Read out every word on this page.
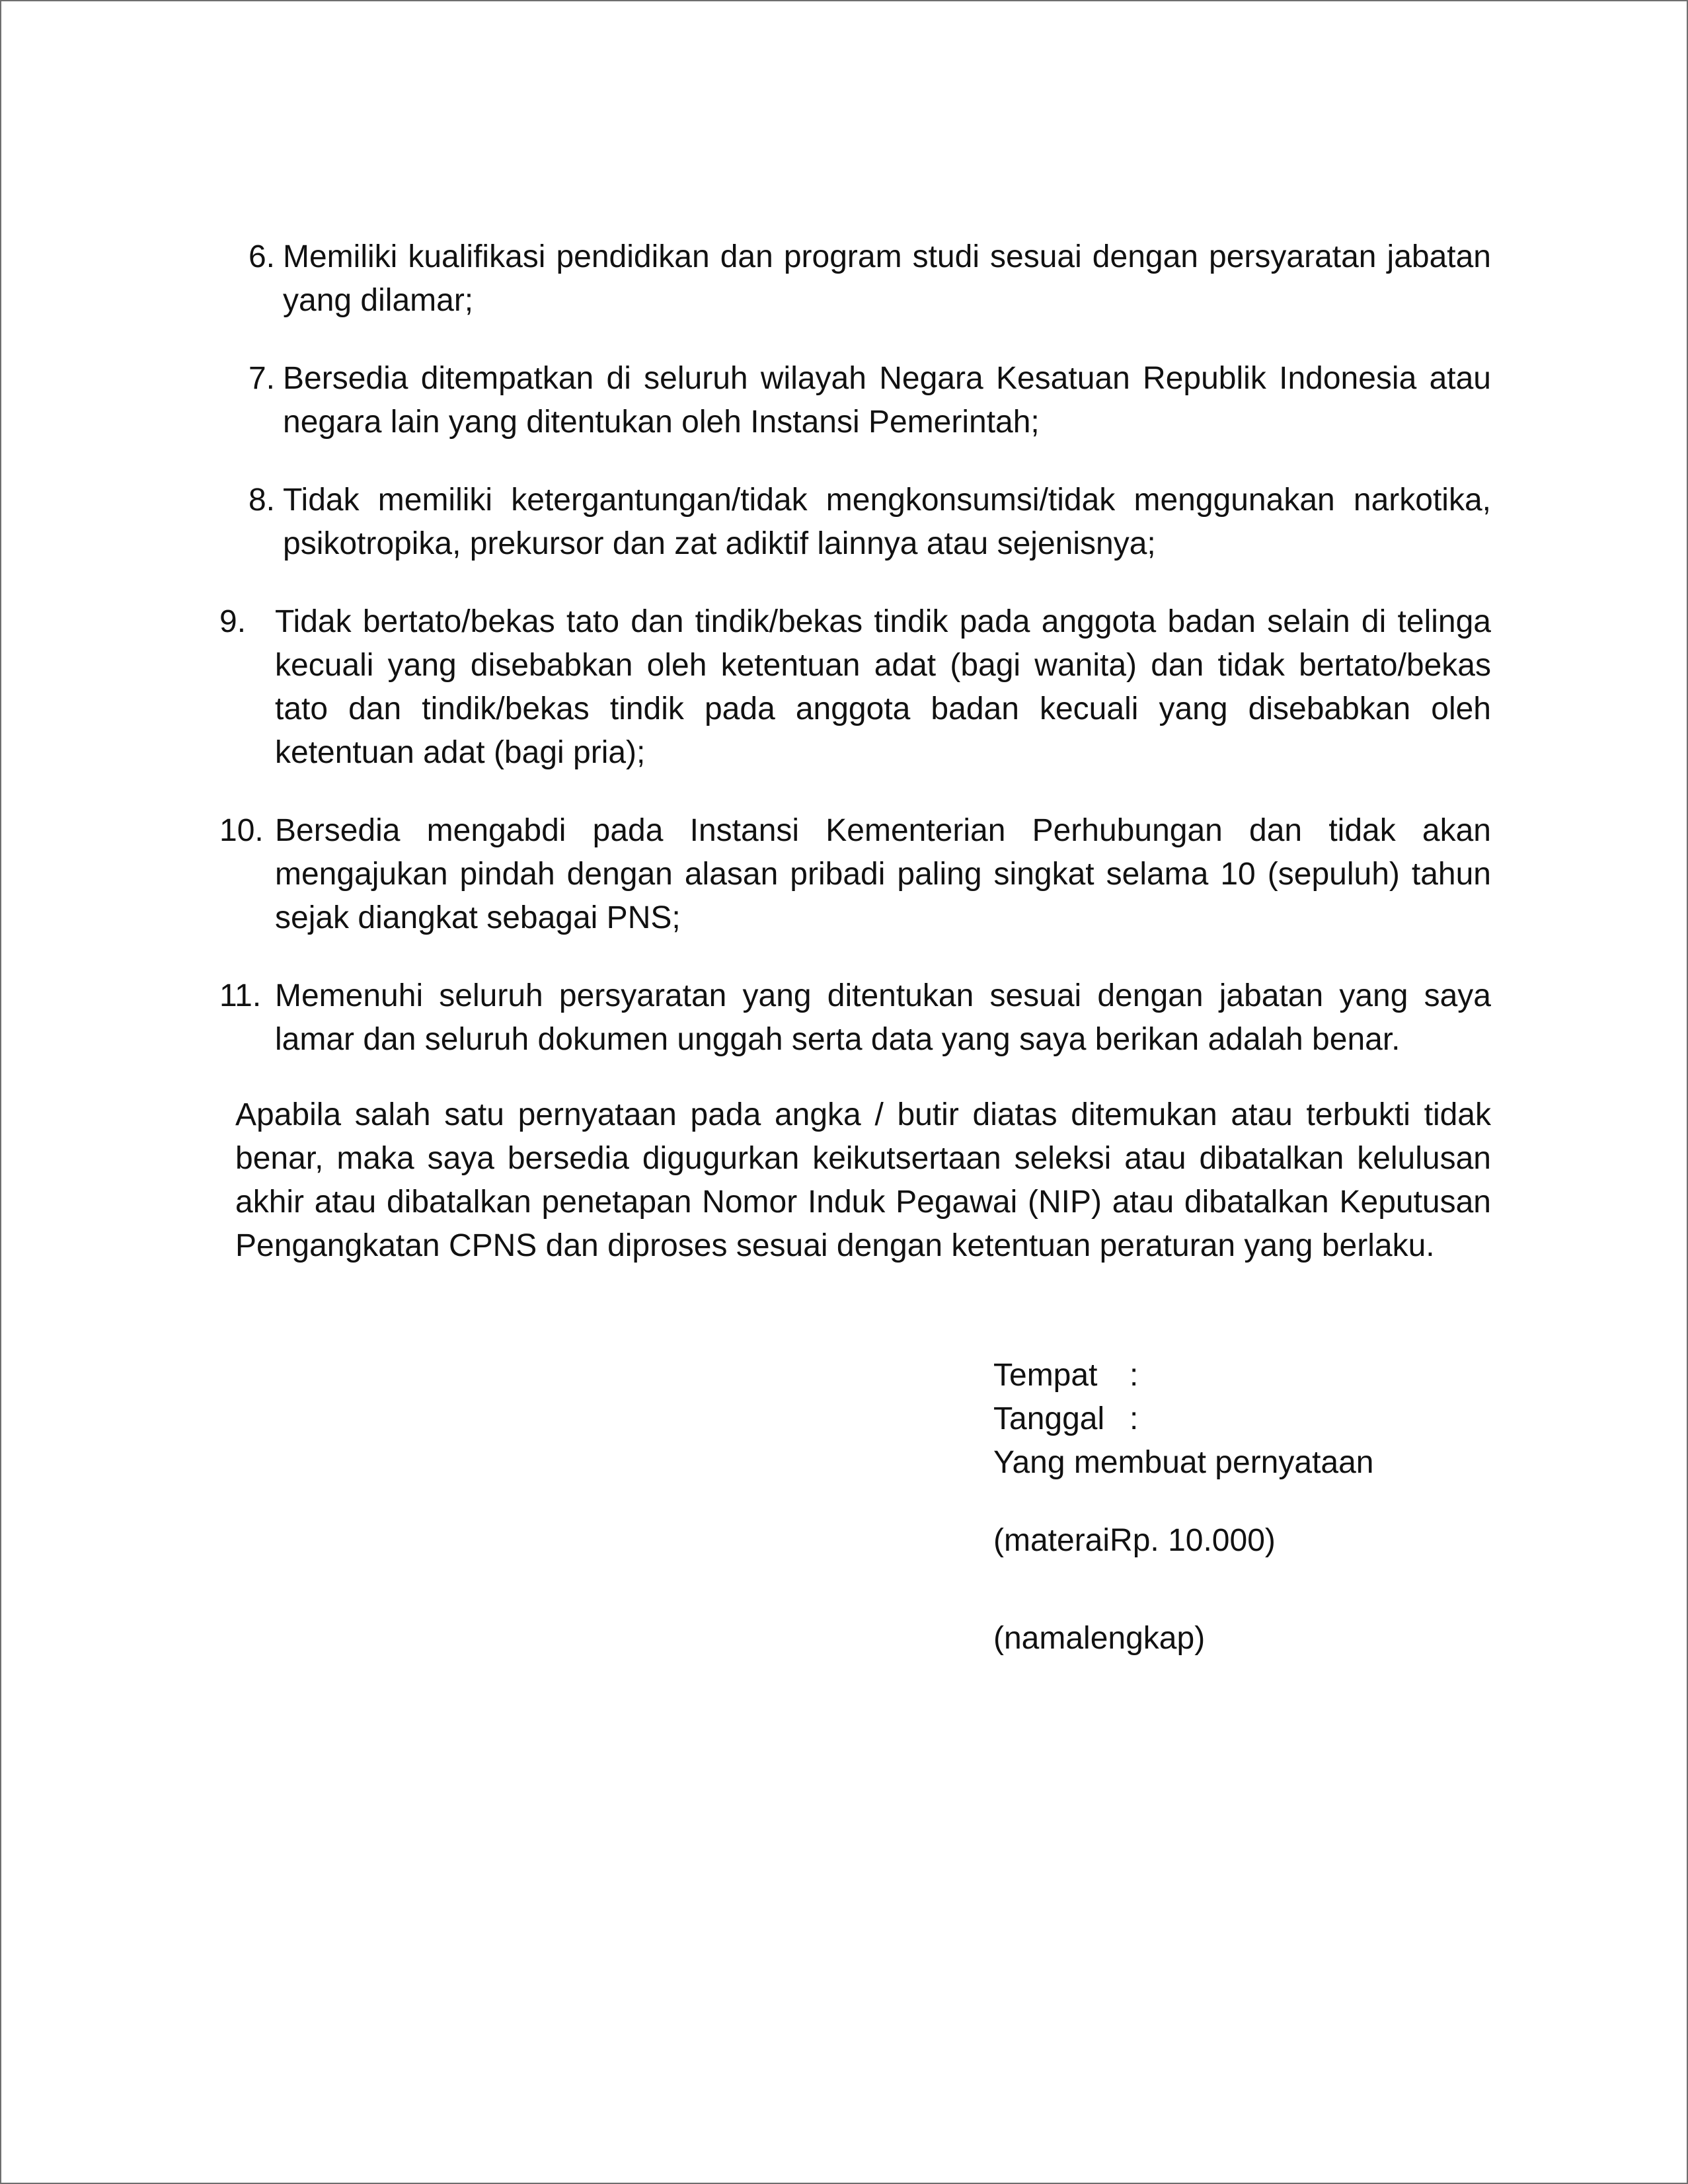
6. Memiliki kualifikasi pendidikan dan program studi sesuai dengan persyaratan jabatan yang dilamar;
7. Bersedia ditempatkan di seluruh wilayah Negara Kesatuan Republik Indonesia atau negara lain yang ditentukan oleh Instansi Pemerintah;
8. Tidak memiliki ketergantungan/tidak mengkonsumsi/tidak menggunakan narkotika, psikotropika, prekursor dan zat adiktif lainnya atau sejenisnya;
9. Tidak bertato/bekas tato dan tindik/bekas tindik pada anggota badan selain di telinga kecuali yang disebabkan oleh ketentuan adat (bagi wanita) dan tidak bertato/bekas tato dan tindik/bekas tindik pada anggota badan kecuali yang disebabkan oleh ketentuan adat (bagi pria);
10. Bersedia mengabdi pada Instansi Kementerian Perhubungan dan tidak akan mengajukan pindah dengan alasan pribadi paling singkat selama 10 (sepuluh) tahun sejak diangkat sebagai PNS;
11. Memenuhi seluruh persyaratan yang ditentukan sesuai dengan jabatan yang saya lamar dan seluruh dokumen unggah serta data yang saya berikan adalah benar.
Apabila salah satu pernyataan pada angka / butir diatas ditemukan atau terbukti tidak benar, maka saya bersedia digugurkan keikutsertaan seleksi atau dibatalkan kelulusan akhir atau dibatalkan penetapan Nomor Induk Pegawai (NIP) atau dibatalkan Keputusan Pengangkatan CPNS dan diproses sesuai dengan ketentuan peraturan yang berlaku.
Tempat	:
Tanggal :
Yang membuat pernyataan
(materaiRp. 10.000)
(namalengkap)
